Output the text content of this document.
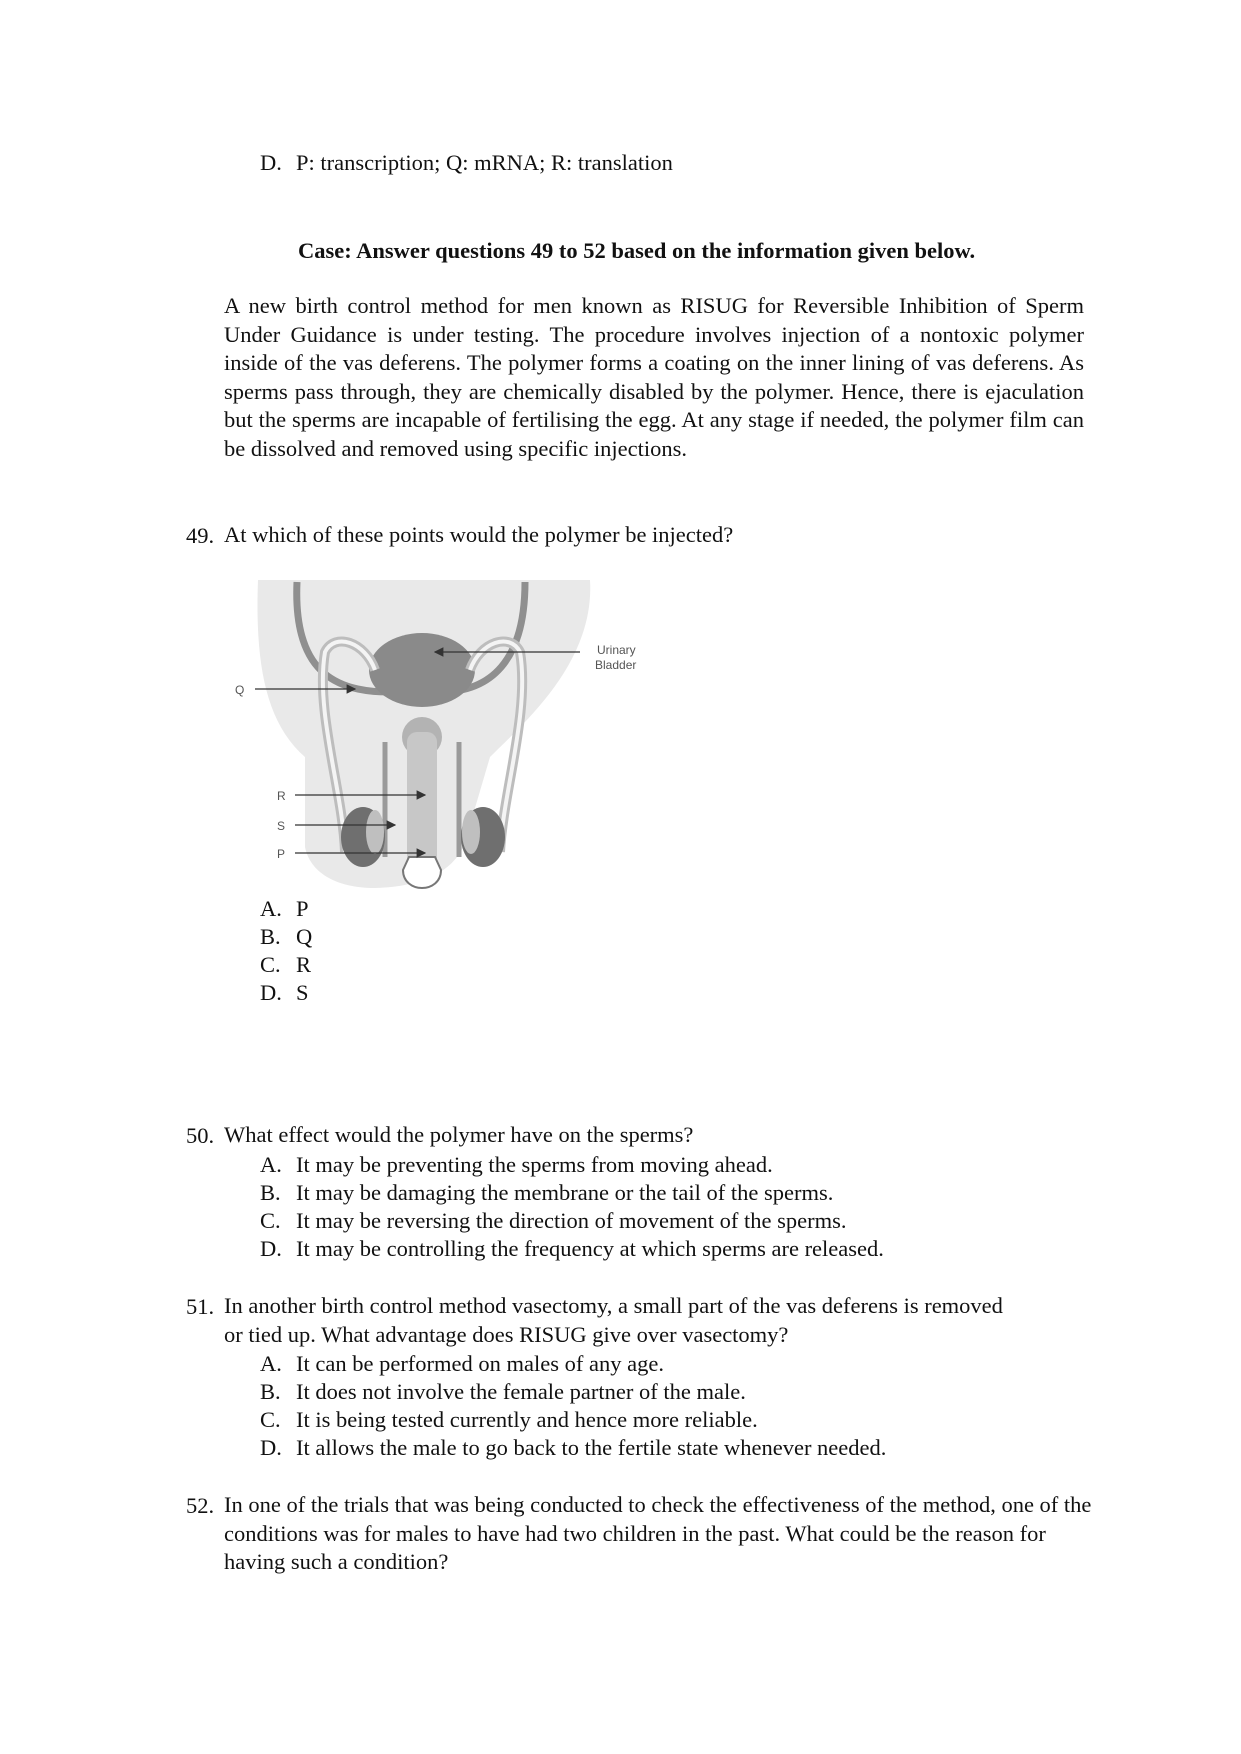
D. P: transcription; Q: mRNA; R: translation
Case: Answer questions 49 to 52 based on the information given below.
A new birth control method for men known as RISUG for Reversible Inhibition of Sperm Under Guidance is under testing. The procedure involves injection of a nontoxic polymer inside of the vas deferens. The polymer forms a coating on the inner lining of vas deferens. As sperms pass through, they are chemically disabled by the polymer. Hence, there is ejaculation but the sperms are incapable of fertilising the egg. At any stage if needed, the polymer film can be dissolved and removed using specific injections.
49. At which of these points would the polymer be injected?
Q
R
S
P
Urinary
Bladder
A. P
B. Q
C. R
D. S
50. What effect would the polymer have on the sperms?
A. It may be preventing the sperms from moving ahead.
B. It may be damaging the membrane or the tail of the sperms.
C. It may be reversing the direction of movement of the sperms.
D. It may be controlling the frequency at which sperms are released.
51. In another birth control method vasectomy, a small part of the vas deferens is removed or tied up. What advantage does RISUG give over vasectomy?
A. It can be performed on males of any age.
B. It does not involve the female partner of the male.
C. It is being tested currently and hence more reliable.
D. It allows the male to go back to the fertile state whenever needed.
52. In one of the trials that was being conducted to check the effectiveness of the method, one of the conditions was for males to have had two children in the past. What could be the reason for having such a condition?
